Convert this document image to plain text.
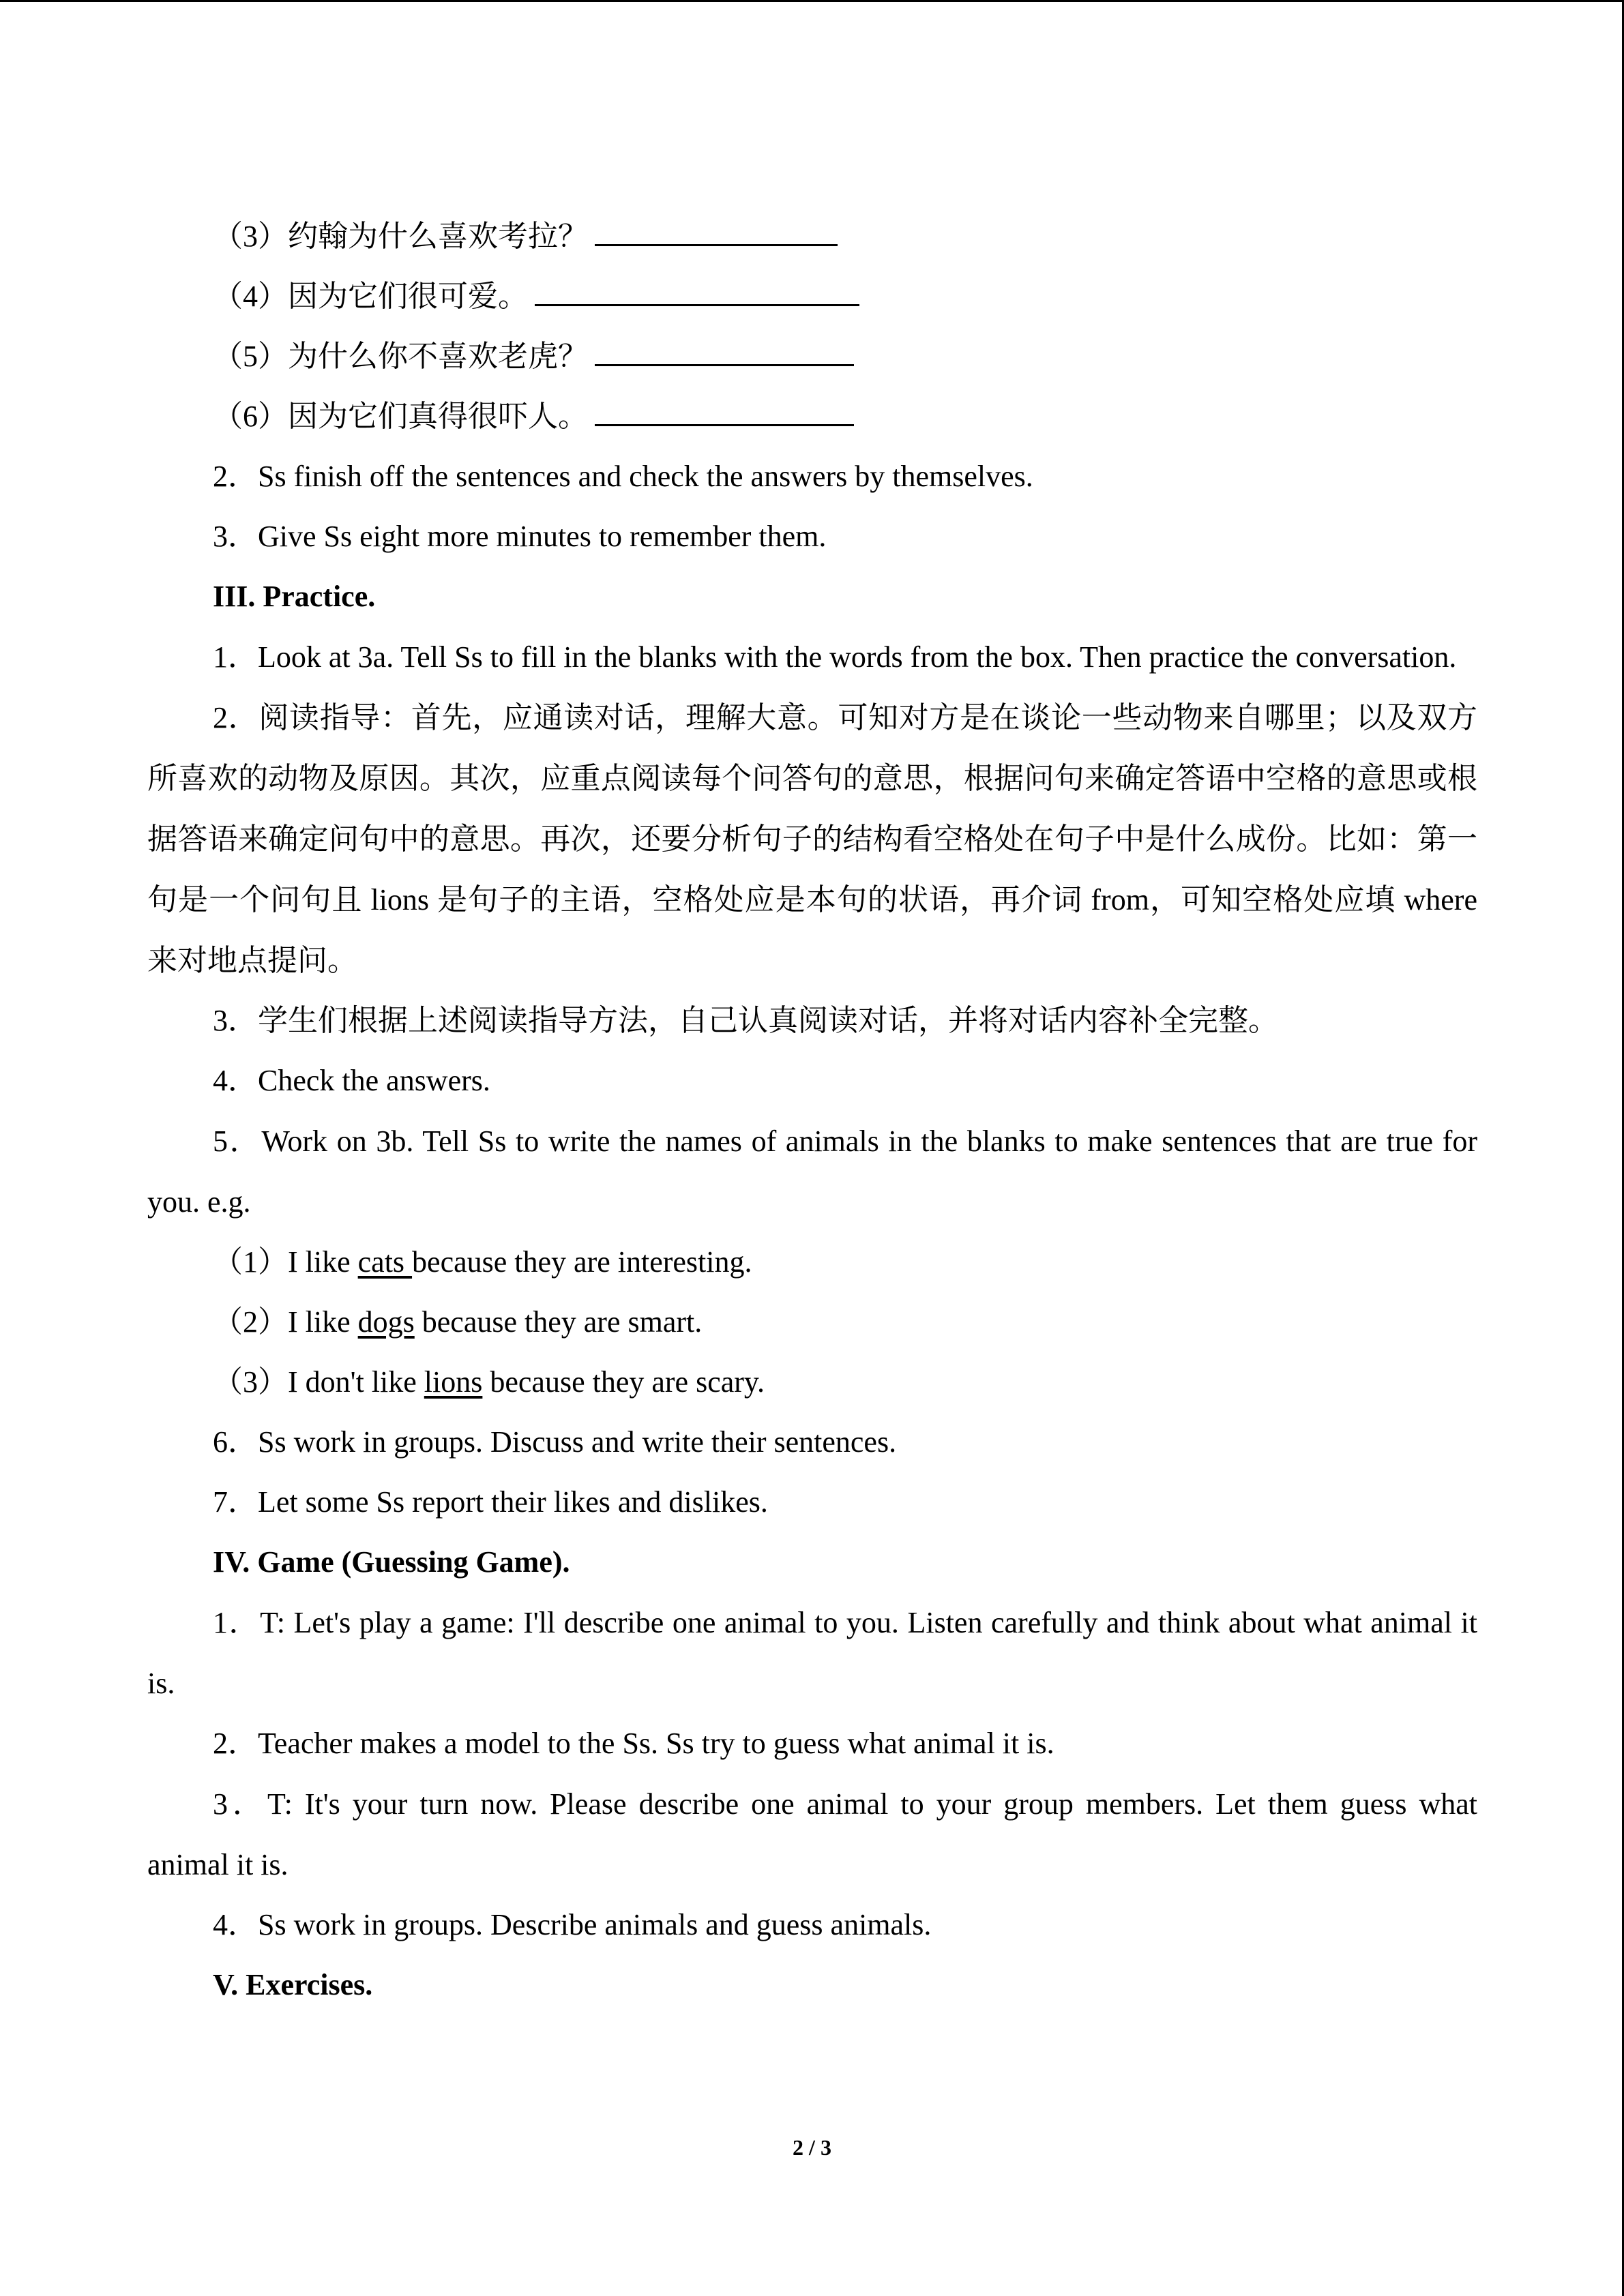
（3）约翰为什么喜欢考拉？
（4）因为它们很可爱。
（5）为什么你不喜欢老虎？
（6）因为它们真得很吓人。
2．Ss finish off the sentences and check the answers by themselves.
3．Give Ss eight more minutes to remember them.
III. Practice.
1．Look at 3a. Tell Ss to fill in the blanks with the words from the box. Then practice the conversation.
2．阅读指导：首先，应通读对话，理解大意。可知对方是在谈论一些动物来自哪里；以及双方所喜欢的动物及原因。其次，应重点阅读每个问答句的意思，根据问句来确定答语中空格的意思或根据答语来确定问句中的意思。再次，还要分析句子的结构看空格处在句子中是什么成份。比如：第一句是一个问句且 lions 是句子的主语，空格处应是本句的状语，再介词 from，可知空格处应填 where 来对地点提问。
3．学生们根据上述阅读指导方法，自己认真阅读对话，并将对话内容补全完整。
4．Check the answers.
5．Work on 3b. Tell Ss to write the names of animals in the blanks to make sentences that are true for you. e.g.
（1）I like cats because they are interesting.
（2）I like dogs because they are smart.
（3）I don't like lions because they are scary.
6．Ss work in groups. Discuss and write their sentences.
7．Let some Ss report their likes and dislikes.
IV. Game (Guessing Game).
1．T: Let's play a game: I'll describe one animal to you. Listen carefully and think about what animal it is.
2．Teacher makes a model to the Ss. Ss try to guess what animal it is.
3．T: It's your turn now. Please describe one animal to your group members. Let them guess what animal it is.
4．Ss work in groups. Describe animals and guess animals.
V. Exercises.
2 / 3
